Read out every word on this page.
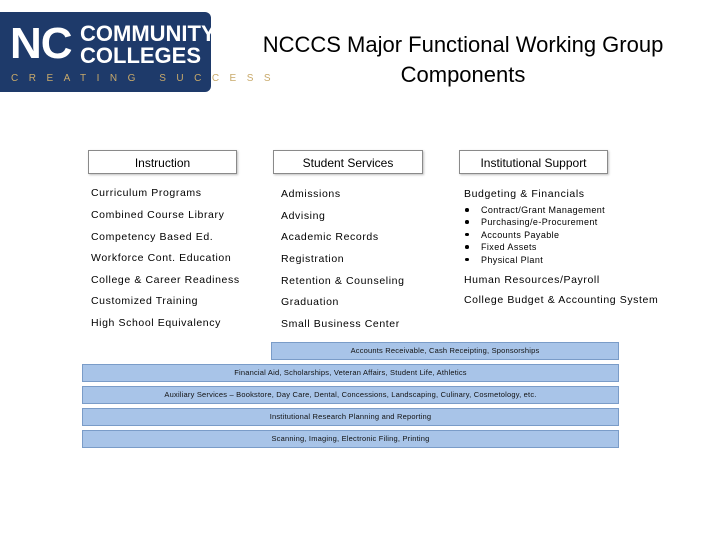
NC COMMUNITY
COLLEGES
CREATING SUCCESS
NCCCS Major Functional Working Group Components
Instruction	Student Services	Institutional Support
Curriculum Programs
Combined Course Library
Competency Based Ed.
Workforce Cont. Education
College & Career Readiness
Customized Training
High School Equivalency
Admissions
Advising
Academic Records
Registration
Retention & Counseling
Graduation
Small Business Center
Budgeting & Financials
Contract/Grant Management
Purchasing/e-Procurement
Accounts Payable
Fixed Assets
Physical Plant
Human Resources/Payroll
College Budget & Accounting System
Accounts Receivable, Cash Receipting, Sponsorships
Financial Aid, Scholarships, Veteran Affairs, Student Life, Athletics
Auxiliary Services – Bookstore, Day Care, Dental, Concessions, Landscaping, Culinary, Cosmetology, etc.
Institutional Research Planning and Reporting
Scanning, Imaging, Electronic Filing, Printing
